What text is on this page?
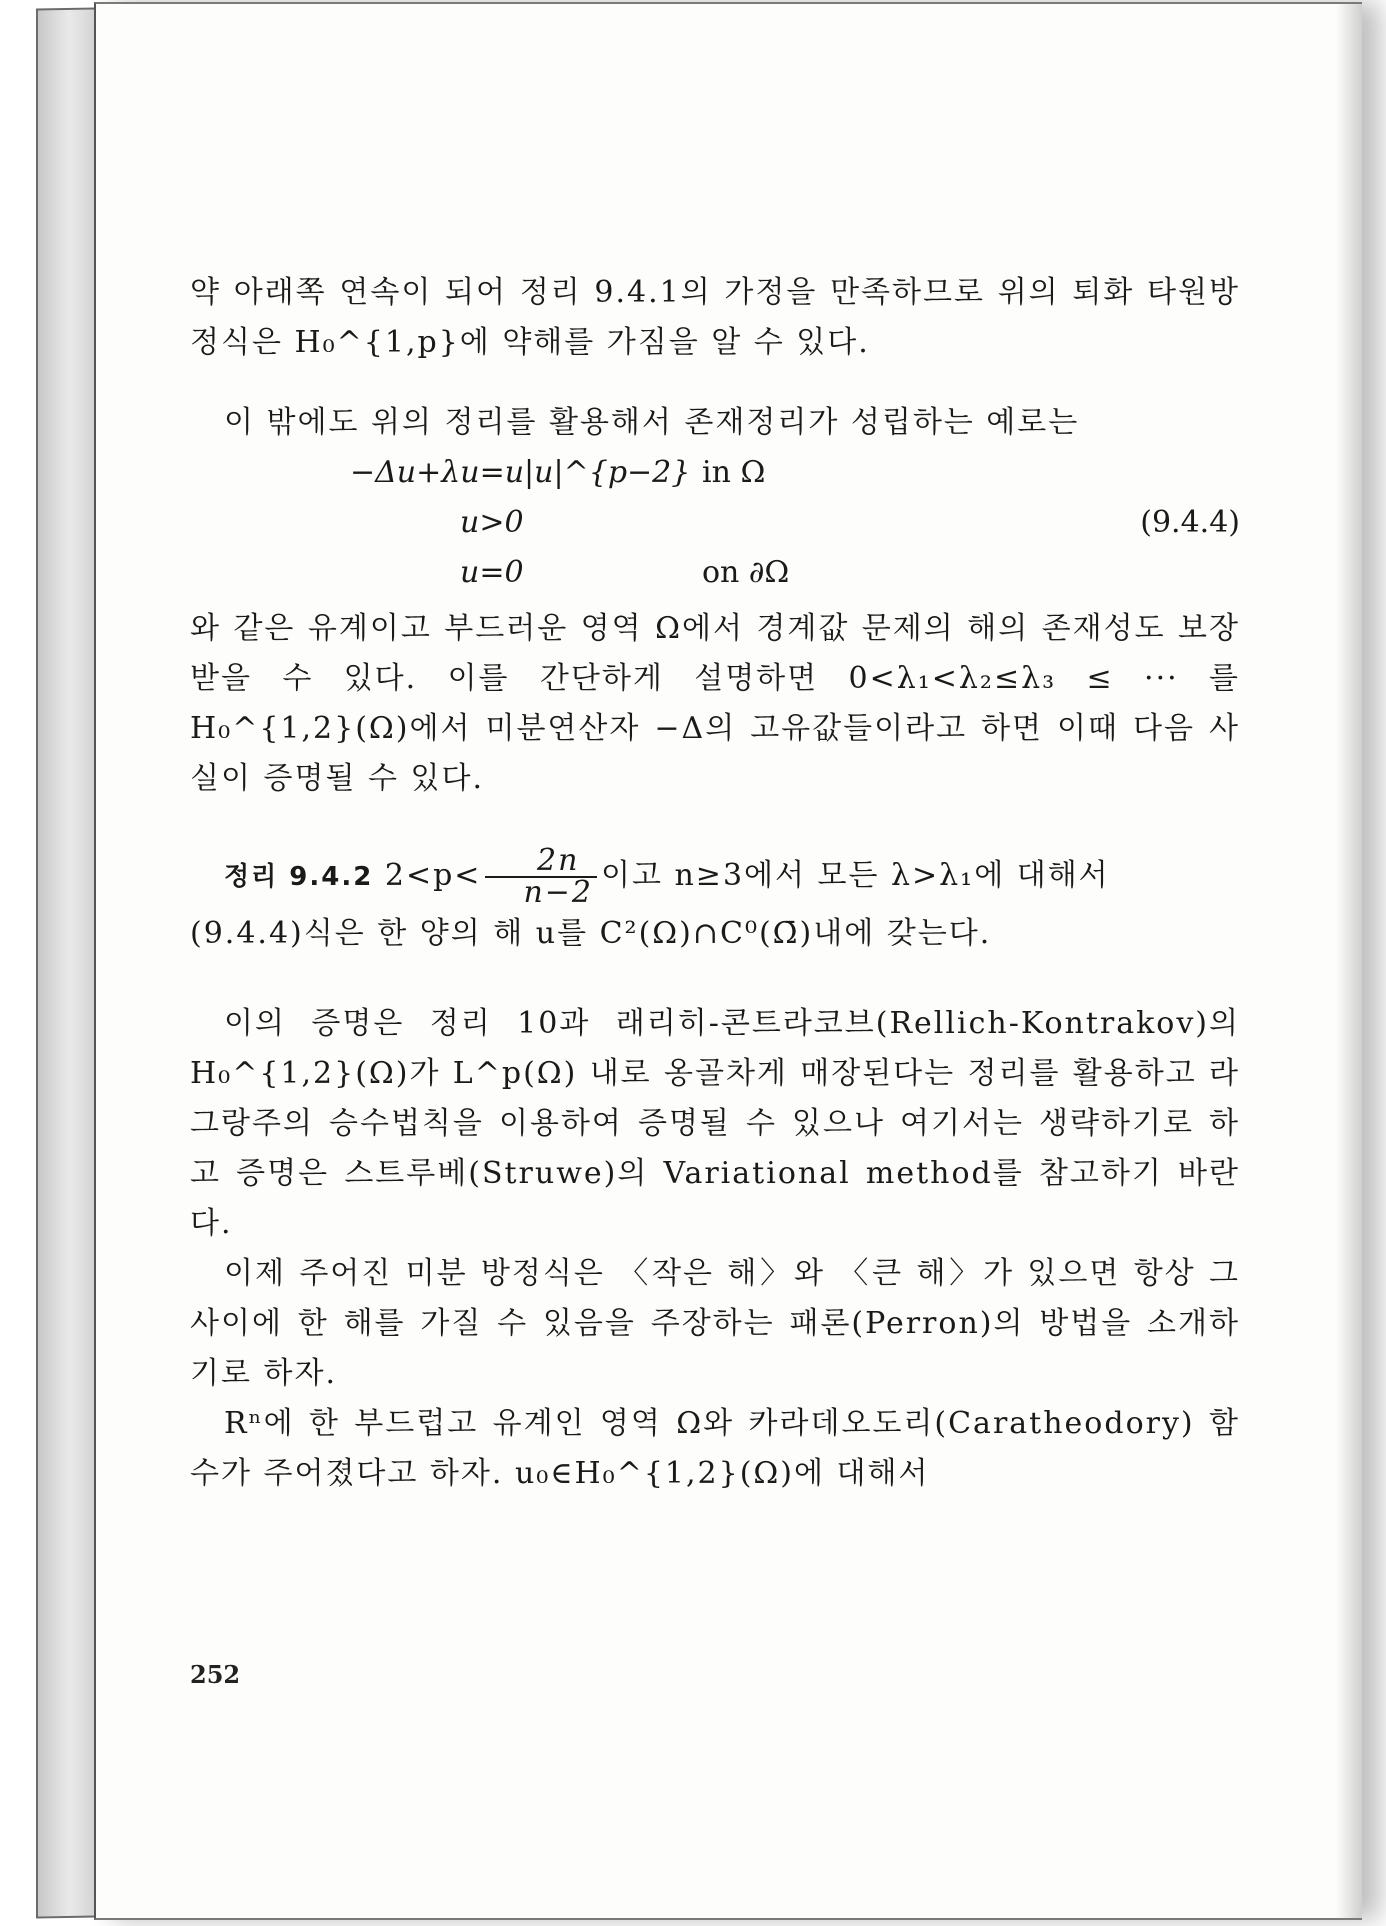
약 아래쪽 연속이 되어 정리 9.4.1의 가정을 만족하므로 위의 퇴화 타원방정식은 H₀^{1,p}에 약해를 가짐을 알 수 있다.

이 밖에도 위의 정리를 활용해서 존재정리가 성립하는 예로는

−Δu+λu=u|u|^{p−2} in Ω
u>0	(9.4.4)
u=0	on ∂Ω

와 같은 유계이고 부드러운 영역 Ω에서 경계값 문제의 해의 존재성도 보장받을 수 있다. 이를 간단하게 설명하면 0<λ₁<λ₂≤λ₃ ≤ ··· 를 H₀^{1,2}(Ω)에서 미분연산자 −Δ의 고유값들이라고 하면 이때 다음 사실이 증명될 수 있다.

정리 9.4.2 $2<p< \frac{2n}{n-2}$ 이고 n≥3에서 모든 λ>λ₁에 대해서

(9.4.4)식은 한 양의 해 u를 C²(Ω)∩C⁰(Ω̄)내에 갖는다.

이의 증명은 정리 10과 래리히-콘트라코브(Rellich-Kontrakov)의 H₀^{1,2}(Ω)가 L^p(Ω) 내로 옹골차게 매장된다는 정리를 활용하고 라그랑주의 승수법칙을 이용하여 증명될 수 있으나 여기서는 생략하기로 하고 증명은 스트루베(Struwe)의 Variational method를 참고하기 바란다.

이제 주어진 미분 방정식은 〈작은 해〉와 〈큰 해〉가 있으면 항상 그 사이에 한 해를 가질 수 있음을 주장하는 패론(Perron)의 방법을 소개하기로 하자.

Rⁿ에 한 부드럽고 유계인 영역 Ω와 카라데오도리(Caratheodory) 함수가 주어졌다고 하자. u₀∈H₀^{1,2}(Ω)에 대해서

252
